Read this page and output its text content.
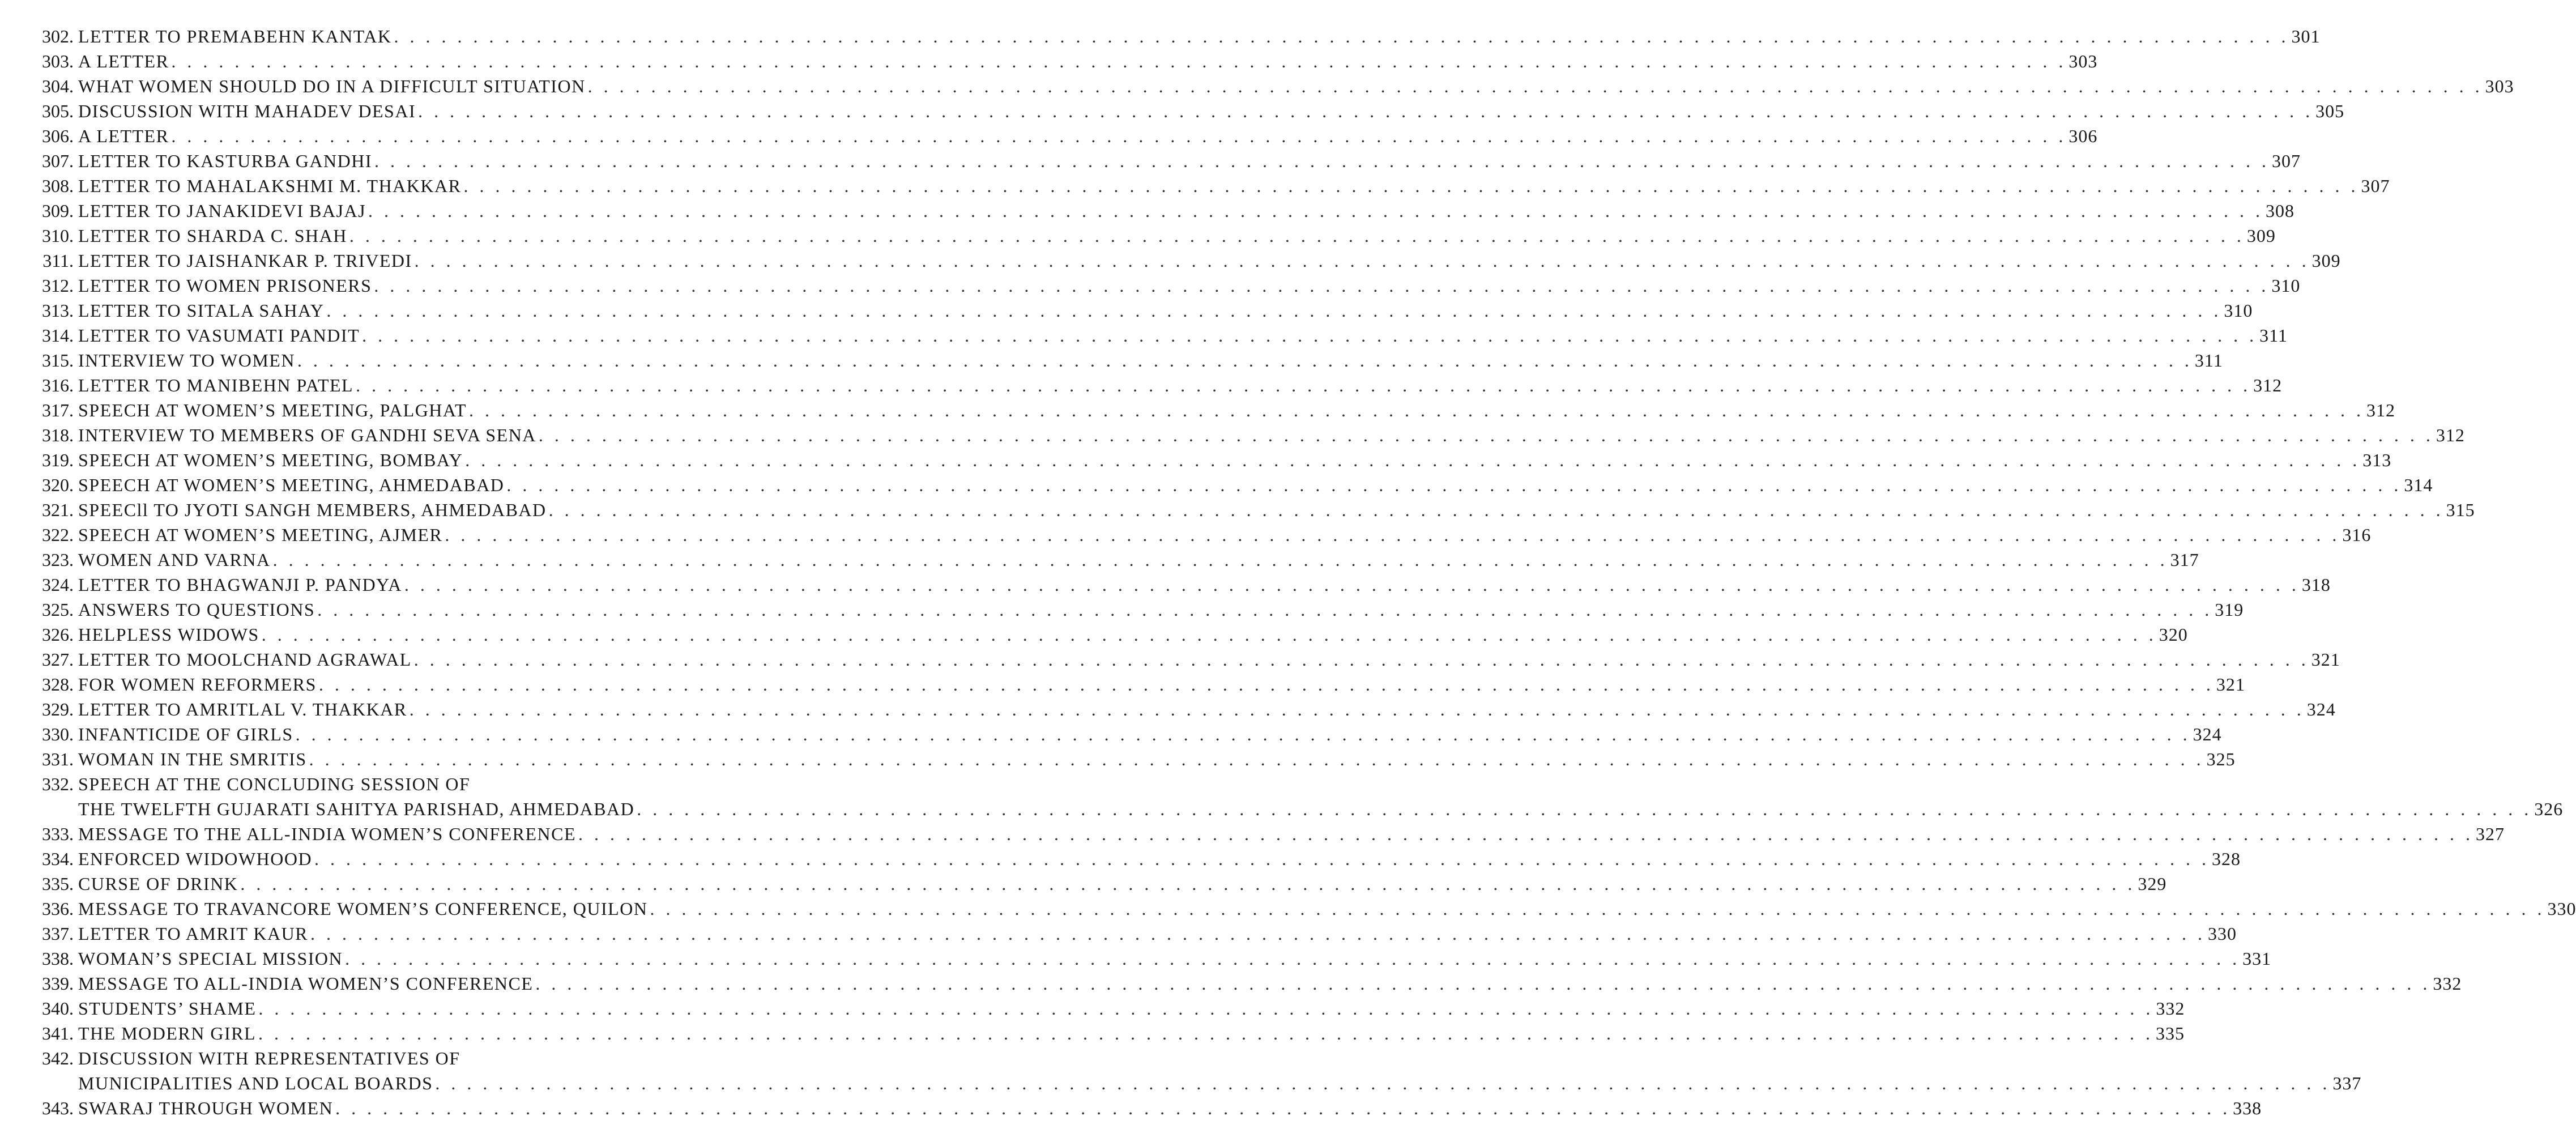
302. LETTER TO PREMABEHN KANTAK . . . . . . . . . . . . . . . . . . . . . . . . . . . . . . . . . . . . . . . . . . . . . . . . . . . . . . . . . . . . . . . . . . . . . . . . . . . . . . . . . . . . . . . . . . . . . . . . . . . . . . . . . . . . . . . . . . . . . . . . 301
303. A LETTER . . . . . . . . . . . . . . . . . . . . . . . . . . . . . . . . . . . . . . . . . . . . . . . . . . . . . . . . . . . . . . . . . . . . . . . . . . . . . . . . . . . . . . . . . . . . . . . . . . . . . . . . . . . . . . . . . . . . . . . . 303
304. WHAT WOMEN SHOULD DO IN A DIFFICULT SITUATION . . . . . . . . . . . . . . . . . . . . . . . . . . . . . . . . . . . . . . . . . . . . . . . . . . . . . . . . . . . . . . . . . . . . . . . . . . . . . . . . . . . . . . . . . . . . . . . . . . . . . . . . . . . . . . . . . . . . . . . . 303
305. DISCUSSION WITH MAHADEV DESAI . . . . . . . . . . . . . . . . . . . . . . . . . . . . . . . . . . . . . . . . . . . . . . . . . . . . . . . . . . . . . . . . . . . . . . . . . . . . . . . . . . . . . . . . . . . . . . . . . . . . . . . . . . . . . . . . . . . . . . . . 305
306. A LETTER . . . . . . . . . . . . . . . . . . . . . . . . . . . . . . . . . . . . . . . . . . . . . . . . . . . . . . . . . . . . . . . . . . . . . . . . . . . . . . . . . . . . . . . . . . . . . . . . . . . . . . . . . . . . . . . . . . . . . . . . 306
307. LETTER TO KASTURBA GANDHI . . . . . . . . . . . . . . . . . . . . . . . . . . . . . . . . . . . . . . . . . . . . . . . . . . . . . . . . . . . . . . . . . . . . . . . . . . . . . . . . . . . . . . . . . . . . . . . . . . . . . . . . . . . . . . . . . . . . . . . . 307
308. LETTER TO MAHALAKSHMI M. THAKKAR . . . . . . . . . . . . . . . . . . . . . . . . . . . . . . . . . . . . . . . . . . . . . . . . . . . . . . . . . . . . . . . . . . . . . . . . . . . . . . . . . . . . . . . . . . . . . . . . . . . . . . . . . . . . . . . . . . . . . . . . 307
309. LETTER TO JANAKIDEVI BAJAJ . . . . . . . . . . . . . . . . . . . . . . . . . . . . . . . . . . . . . . . . . . . . . . . . . . . . . . . . . . . . . . . . . . . . . . . . . . . . . . . . . . . . . . . . . . . . . . . . . . . . . . . . . . . . . . . . . . . . . . . . 308
310. LETTER TO SHARDA C. SHAH . . . . . . . . . . . . . . . . . . . . . . . . . . . . . . . . . . . . . . . . . . . . . . . . . . . . . . . . . . . . . . . . . . . . . . . . . . . . . . . . . . . . . . . . . . . . . . . . . . . . . . . . . . . . . . . . . . . . . . . . 309
311. LETTER TO JAISHANKAR P. TRIVEDI . . . . . . . . . . . . . . . . . . . . . . . . . . . . . . . . . . . . . . . . . . . . . . . . . . . . . . . . . . . . . . . . . . . . . . . . . . . . . . . . . . . . . . . . . . . . . . . . . . . . . . . . . . . . . . . . . . . . . . . . 309
312. LETTER TO WOMEN PRISONERS . . . . . . . . . . . . . . . . . . . . . . . . . . . . . . . . . . . . . . . . . . . . . . . . . . . . . . . . . . . . . . . . . . . . . . . . . . . . . . . . . . . . . . . . . . . . . . . . . . . . . . . . . . . . . . . . . . . . . . . . 310
313. LETTER TO SITALA SAHAY . . . . . . . . . . . . . . . . . . . . . . . . . . . . . . . . . . . . . . . . . . . . . . . . . . . . . . . . . . . . . . . . . . . . . . . . . . . . . . . . . . . . . . . . . . . . . . . . . . . . . . . . . . . . . . . . . . . . . . . . 310
314. LETTER TO VASUMATI PANDIT . . . . . . . . . . . . . . . . . . . . . . . . . . . . . . . . . . . . . . . . . . . . . . . . . . . . . . . . . . . . . . . . . . . . . . . . . . . . . . . . . . . . . . . . . . . . . . . . . . . . . . . . . . . . . . . . . . . . . . . . 311
315. INTERVIEW TO WOMEN . . . . . . . . . . . . . . . . . . . . . . . . . . . . . . . . . . . . . . . . . . . . . . . . . . . . . . . . . . . . . . . . . . . . . . . . . . . . . . . . . . . . . . . . . . . . . . . . . . . . . . . . . . . . . . . . . . . . . . . . 311
316. LETTER TO MANIBEHN PATEL . . . . . . . . . . . . . . . . . . . . . . . . . . . . . . . . . . . . . . . . . . . . . . . . . . . . . . . . . . . . . . . . . . . . . . . . . . . . . . . . . . . . . . . . . . . . . . . . . . . . . . . . . . . . . . . . . . . . . . . . 312
317. SPEECH AT WOMEN’S MEETING, PALGHAT . . . . . . . . . . . . . . . . . . . . . . . . . . . . . . . . . . . . . . . . . . . . . . . . . . . . . . . . . . . . . . . . . . . . . . . . . . . . . . . . . . . . . . . . . . . . . . . . . . . . . . . . . . . . . . . . . . . . . . . . 312
318. INTERVIEW TO MEMBERS OF GANDHI SEVA SENA . . . . . . . . . . . . . . . . . . . . . . . . . . . . . . . . . . . . . . . . . . . . . . . . . . . . . . . . . . . . . . . . . . . . . . . . . . . . . . . . . . . . . . . . . . . . . . . . . . . . . . . . . . . . . . . . . . . . . . . . 312
319. SPEECH AT WOMEN’S MEETING, BOMBAY . . . . . . . . . . . . . . . . . . . . . . . . . . . . . . . . . . . . . . . . . . . . . . . . . . . . . . . . . . . . . . . . . . . . . . . . . . . . . . . . . . . . . . . . . . . . . . . . . . . . . . . . . . . . . . . . . . . . . . . . 313
320. SPEECH AT WOMEN’S MEETING, AHMEDABAD . . . . . . . . . . . . . . . . . . . . . . . . . . . . . . . . . . . . . . . . . . . . . . . . . . . . . . . . . . . . . . . . . . . . . . . . . . . . . . . . . . . . . . . . . . . . . . . . . . . . . . . . . . . . . . . . . . . . . . . . 314
321. SPEECll TO JYOTI SANGH MEMBERS, AHMEDABAD . . . . . . . . . . . . . . . . . . . . . . . . . . . . . . . . . . . . . . . . . . . . . . . . . . . . . . . . . . . . . . . . . . . . . . . . . . . . . . . . . . . . . . . . . . . . . . . . . . . . . . . . . . . . . . . . . . . . . . . . 315
322. SPEECH AT WOMEN’S MEETING, AJMER . . . . . . . . . . . . . . . . . . . . . . . . . . . . . . . . . . . . . . . . . . . . . . . . . . . . . . . . . . . . . . . . . . . . . . . . . . . . . . . . . . . . . . . . . . . . . . . . . . . . . . . . . . . . . . . . . . . . . . . . 316
323. WOMEN AND VARNA . . . . . . . . . . . . . . . . . . . . . . . . . . . . . . . . . . . . . . . . . . . . . . . . . . . . . . . . . . . . . . . . . . . . . . . . . . . . . . . . . . . . . . . . . . . . . . . . . . . . . . . . . . . . . . . . . . . . . . . . 317
324. LETTER TO BHAGWANJI P. PANDYA . . . . . . . . . . . . . . . . . . . . . . . . . . . . . . . . . . . . . . . . . . . . . . . . . . . . . . . . . . . . . . . . . . . . . . . . . . . . . . . . . . . . . . . . . . . . . . . . . . . . . . . . . . . . . . . . . . . . . . . . 318
325. ANSWERS TO QUESTIONS . . . . . . . . . . . . . . . . . . . . . . . . . . . . . . . . . . . . . . . . . . . . . . . . . . . . . . . . . . . . . . . . . . . . . . . . . . . . . . . . . . . . . . . . . . . . . . . . . . . . . . . . . . . . . . . . . . . . . . . . 319
326. HELPLESS WIDOWS . . . . . . . . . . . . . . . . . . . . . . . . . . . . . . . . . . . . . . . . . . . . . . . . . . . . . . . . . . . . . . . . . . . . . . . . . . . . . . . . . . . . . . . . . . . . . . . . . . . . . . . . . . . . . . . . . . . . . . . . 320
327. LETTER TO MOOLCHAND AGRAWAL . . . . . . . . . . . . . . . . . . . . . . . . . . . . . . . . . . . . . . . . . . . . . . . . . . . . . . . . . . . . . . . . . . . . . . . . . . . . . . . . . . . . . . . . . . . . . . . . . . . . . . . . . . . . . . . . . . . . . . . . 321
328. FOR WOMEN REFORMERS . . . . . . . . . . . . . . . . . . . . . . . . . . . . . . . . . . . . . . . . . . . . . . . . . . . . . . . . . . . . . . . . . . . . . . . . . . . . . . . . . . . . . . . . . . . . . . . . . . . . . . . . . . . . . . . . . . . . . . . . 321
329. LETTER TO AMRITLAL V. THAKKAR . . . . . . . . . . . . . . . . . . . . . . . . . . . . . . . . . . . . . . . . . . . . . . . . . . . . . . . . . . . . . . . . . . . . . . . . . . . . . . . . . . . . . . . . . . . . . . . . . . . . . . . . . . . . . . . . . . . . . . . . 324
330. INFANTICIDE OF GIRLS . . . . . . . . . . . . . . . . . . . . . . . . . . . . . . . . . . . . . . . . . . . . . . . . . . . . . . . . . . . . . . . . . . . . . . . . . . . . . . . . . . . . . . . . . . . . . . . . . . . . . . . . . . . . . . . . . . . . . . . . 324
331. WOMAN IN THE SMRITIS . . . . . . . . . . . . . . . . . . . . . . . . . . . . . . . . . . . . . . . . . . . . . . . . . . . . . . . . . . . . . . . . . . . . . . . . . . . . . . . . . . . . . . . . . . . . . . . . . . . . . . . . . . . . . . . . . . . . . . . . 325
332. SPEECH AT THE CONCLUDING SESSION OF
THE TWELFTH GUJARATI SAHITYA PARISHAD, AHMEDABAD . . . . . . . . . . . . . . . . . . . . . . . . . . . . . . . . . . . . . . . . . . . . . . . . . . . . . . . . . . . . . . . . . . . . . . . . . . . . . . . . . . . . . . . . . . . . . . . . . . . . . . . . . . . . . . . . . . . . . . . . 326
333. MESSAGE TO THE ALL-INDIA WOMEN’S CONFERENCE . . . . . . . . . . . . . . . . . . . . . . . . . . . . . . . . . . . . . . . . . . . . . . . . . . . . . . . . . . . . . . . . . . . . . . . . . . . . . . . . . . . . . . . . . . . . . . . . . . . . . . . . . . . . . . . . . . . . . . . . 327
334. ENFORCED WIDOWHOOD . . . . . . . . . . . . . . . . . . . . . . . . . . . . . . . . . . . . . . . . . . . . . . . . . . . . . . . . . . . . . . . . . . . . . . . . . . . . . . . . . . . . . . . . . . . . . . . . . . . . . . . . . . . . . . . . . . . . . . . . 328
335. CURSE OF DRINK . . . . . . . . . . . . . . . . . . . . . . . . . . . . . . . . . . . . . . . . . . . . . . . . . . . . . . . . . . . . . . . . . . . . . . . . . . . . . . . . . . . . . . . . . . . . . . . . . . . . . . . . . . . . . . . . . . . . . . . . 329
336. MESSAGE TO TRAVANCORE WOMEN’S CONFERENCE, QUILON . . . . . . . . . . . . . . . . . . . . . . . . . . . . . . . . . . . . . . . . . . . . . . . . . . . . . . . . . . . . . . . . . . . . . . . . . . . . . . . . . . . . . . . . . . . . . . . . . . . . . . . . . . . . . . . . . . . . . . . . 330
337. LETTER TO AMRIT KAUR . . . . . . . . . . . . . . . . . . . . . . . . . . . . . . . . . . . . . . . . . . . . . . . . . . . . . . . . . . . . . . . . . . . . . . . . . . . . . . . . . . . . . . . . . . . . . . . . . . . . . . . . . . . . . . . . . . . . . . . . 330
338. WOMAN’S SPECIAL MISSION . . . . . . . . . . . . . . . . . . . . . . . . . . . . . . . . . . . . . . . . . . . . . . . . . . . . . . . . . . . . . . . . . . . . . . . . . . . . . . . . . . . . . . . . . . . . . . . . . . . . . . . . . . . . . . . . . . . . . . . . 331
339. MESSAGE TO ALL-INDIA WOMEN’S CONFERENCE . . . . . . . . . . . . . . . . . . . . . . . . . . . . . . . . . . . . . . . . . . . . . . . . . . . . . . . . . . . . . . . . . . . . . . . . . . . . . . . . . . . . . . . . . . . . . . . . . . . . . . . . . . . . . . . . . . . . . . . . 332
340. STUDENTS’ SHAME . . . . . . . . . . . . . . . . . . . . . . . . . . . . . . . . . . . . . . . . . . . . . . . . . . . . . . . . . . . . . . . . . . . . . . . . . . . . . . . . . . . . . . . . . . . . . . . . . . . . . . . . . . . . . . . . . . . . . . . . 332
341. THE MODERN GIRL . . . . . . . . . . . . . . . . . . . . . . . . . . . . . . . . . . . . . . . . . . . . . . . . . . . . . . . . . . . . . . . . . . . . . . . . . . . . . . . . . . . . . . . . . . . . . . . . . . . . . . . . . . . . . . . . . . . . . . . . 335
342. DISCUSSION WITH REPRESENTATIVES OF
MUNICIPALITIES AND LOCAL BOARDS . . . . . . . . . . . . . . . . . . . . . . . . . . . . . . . . . . . . . . . . . . . . . . . . . . . . . . . . . . . . . . . . . . . . . . . . . . . . . . . . . . . . . . . . . . . . . . . . . . . . . . . . . . . . . . . . . . . . . . . . 337
343. SWARAJ THROUGH WOMEN . . . . . . . . . . . . . . . . . . . . . . . . . . . . . . . . . . . . . . . . . . . . . . . . . . . . . . . . . . . . . . . . . . . . . . . . . . . . . . . . . . . . . . . . . . . . . . . . . . . . . . . . . . . . . . . . . . . . . . . . 338
